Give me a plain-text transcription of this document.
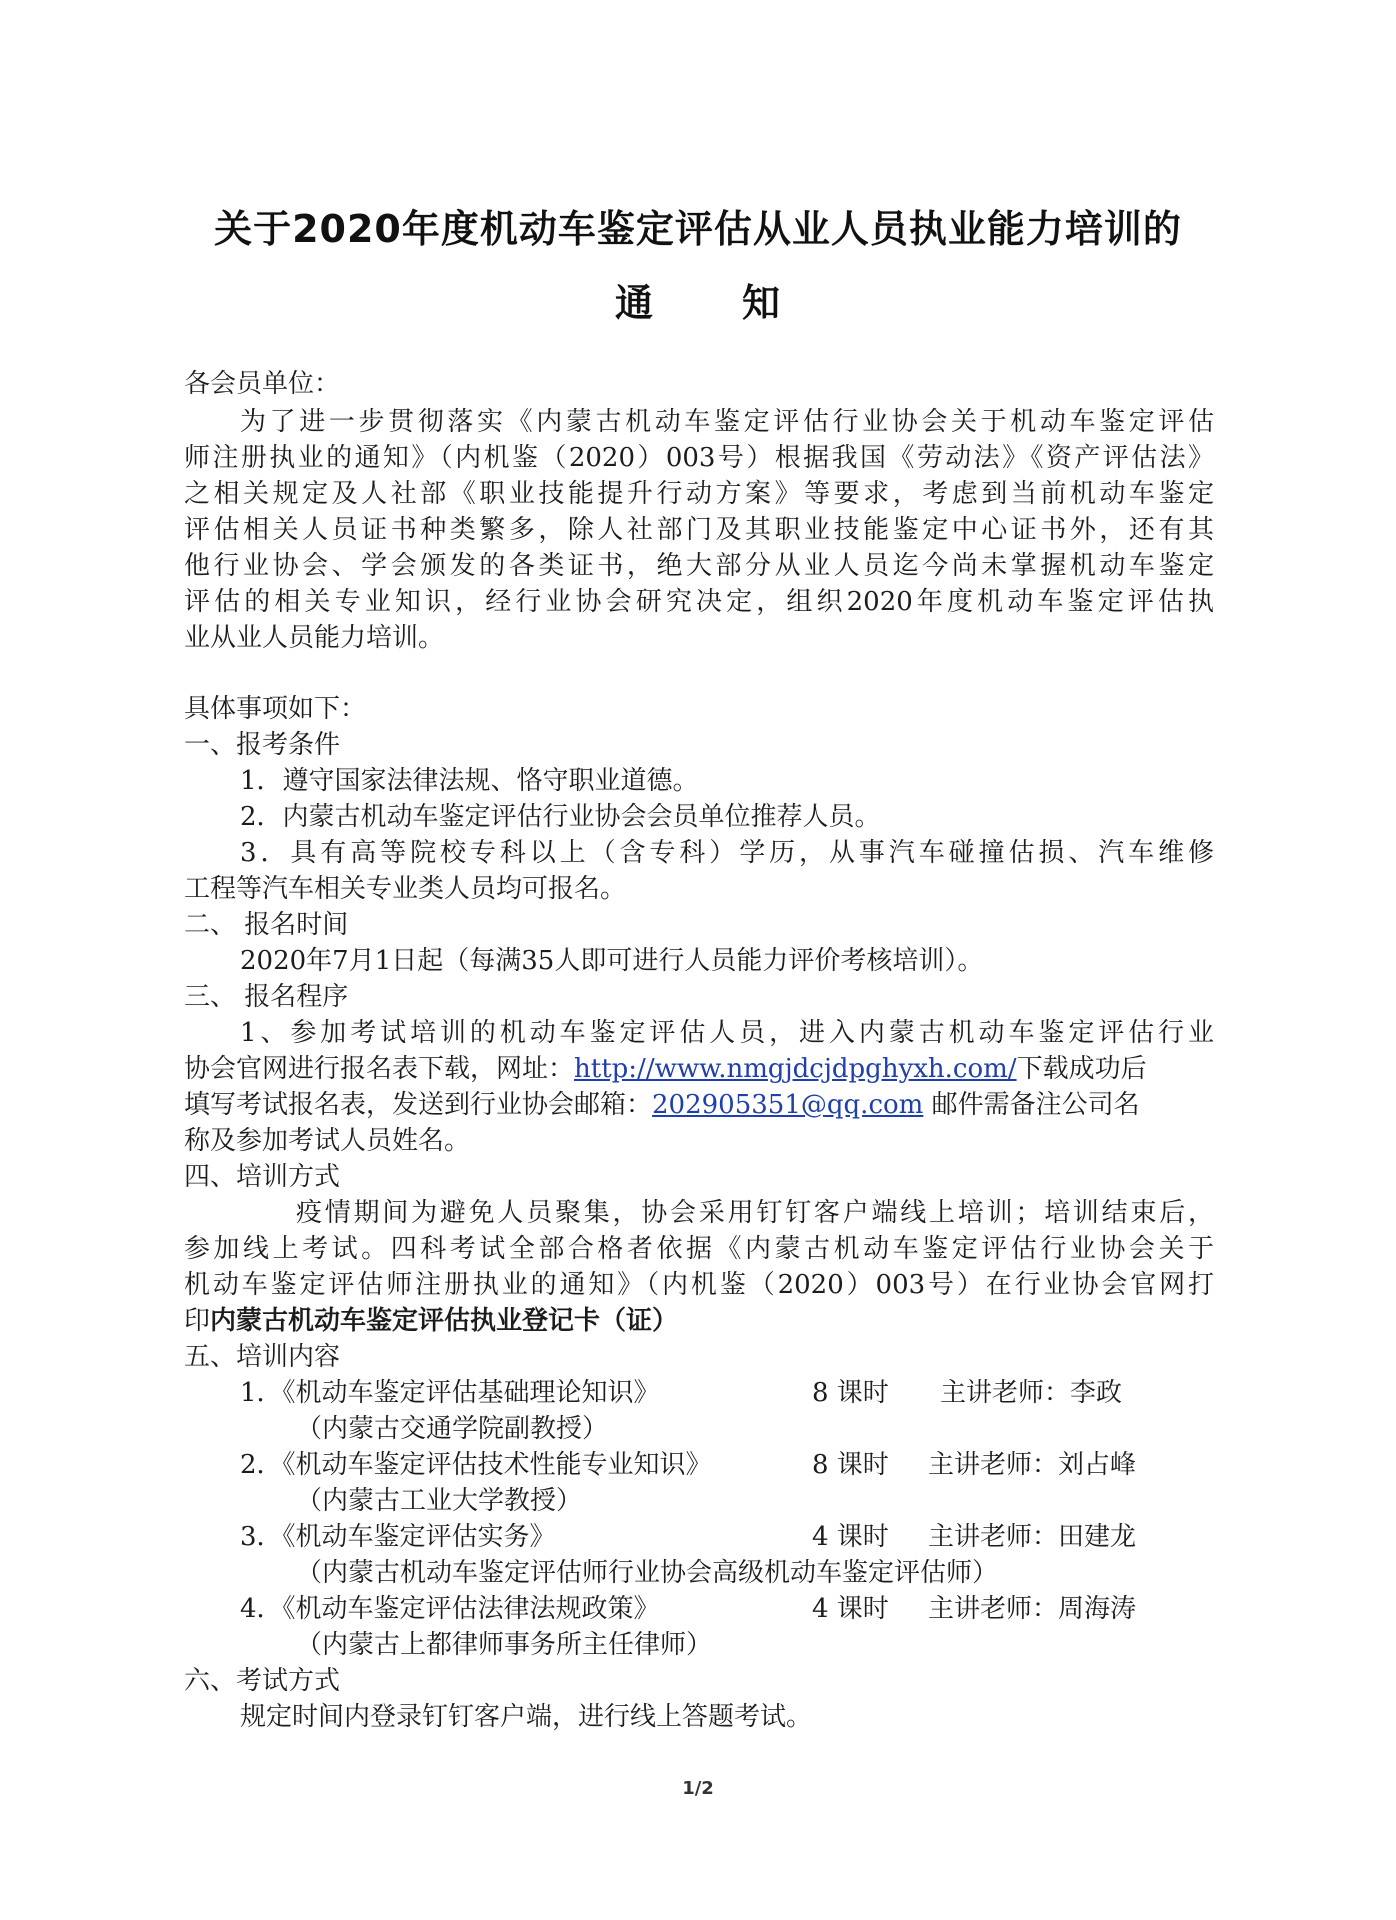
关于2020年度机动车鉴定评估从业人员执业能力培训的
通 知
各会员单位：
为了进一步贯彻落实《内蒙古机动车鉴定评估行业协会关于机动车鉴定评估
师注册执业的通知》（内机鉴（2020）003号）根据我国《劳动法》《资产评估法》
之相关规定及人社部《职业技能提升行动方案》等要求，考虑到当前机动车鉴定
评估相关人员证书种类繁多，除人社部门及其职业技能鉴定中心证书外，还有其
他行业协会、学会颁发的各类证书，绝大部分从业人员迄今尚未掌握机动车鉴定
评估的相关专业知识，经行业协会研究决定，组织2020年度机动车鉴定评估执
业从业人员能力培训。
具体事项如下：
一、报考条件
1．遵守国家法律法规、恪守职业道德。
2．内蒙古机动车鉴定评估行业协会会员单位推荐人员。
3．具有高等院校专科以上（含专科）学历，从事汽车碰撞估损、汽车维修
工程等汽车相关专业类人员均可报名。
二、 报名时间
2020年7月1日起（每满35人即可进行人员能力评价考核培训）。
三、 报名程序
1、参加考试培训的机动车鉴定评估人员，进入内蒙古机动车鉴定评估行业
协会官网进行报名表下载，网址：http://www.nmgjdcjdpghyxh.com/下载成功后
填写考试报名表，发送到行业协会邮箱：202905351@qq.com 邮件需备注公司名
称及参加考试人员姓名。
四、培训方式
疫情期间为避免人员聚集，协会采用钉钉客户端线上培训；培训结束后，
参加线上考试。四科考试全部合格者依据《内蒙古机动车鉴定评估行业协会关于
机动车鉴定评估师注册执业的通知》（内机鉴（2020）003号）在行业协会官网打
印内蒙古机动车鉴定评估执业登记卡（证）
五、培训内容
1．《机动车鉴定评估基础理论知识》	8 课时 主讲老师：李政
（内蒙古交通学院副教授）
2．《机动车鉴定评估技术性能专业知识》	8 课时 主讲老师：刘占峰
（内蒙古工业大学教授）
3．《机动车鉴定评估实务》	4 课时 主讲老师：田建龙
（内蒙古机动车鉴定评估师行业协会高级机动车鉴定评估师）
4．《机动车鉴定评估法律法规政策》	4 课时 主讲老师：周海涛
（内蒙古上都律师事务所主任律师）
六、考试方式
规定时间内登录钉钉客户端，进行线上答题考试。
1/2
